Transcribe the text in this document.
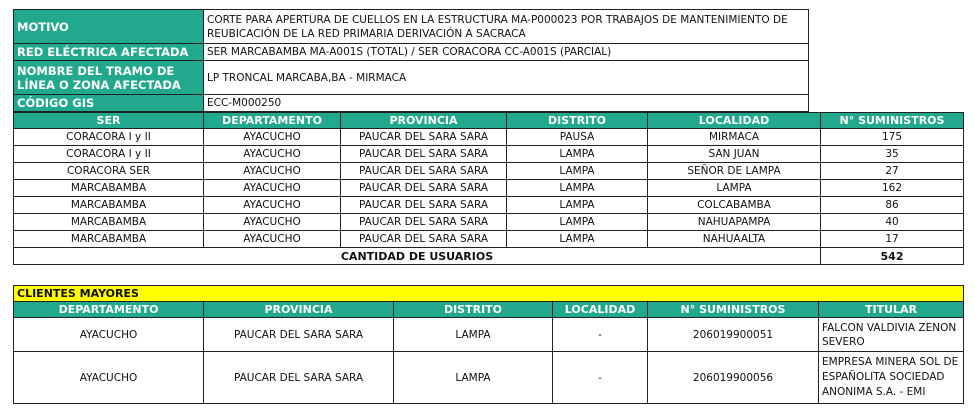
MOTIVO	CORTE PARA APERTURA DE CUELLOS EN LA ESTRUCTURA MA-P000023 POR TRABAJOS DE MANTENIMIENTO DE REUBICACIÓN DE LA RED PRIMARIA DERIVACIÓN A SACRACA
RED ELÉCTRICA AFECTADA	SER MARCABAMBA MA-A001S (TOTAL) / SER CORACORA CC-A001S (PARCIAL)
NOMBRE DEL TRAMO DE LÍNEA O ZONA AFECTADA	LP TRONCAL MARCABA,BA - MIRMACA
CÓDIGO GIS	ECC-M000250
SER	DEPARTAMENTO	PROVINCIA	DISTRITO	LOCALIDAD	N° SUMINISTROS
CORACORA I y II	AYACUCHO	PAUCAR DEL SARA SARA	PAUSA	MIRMACA	175
CORACORA I y II	AYACUCHO	PAUCAR DEL SARA SARA	LAMPA	SAN JUAN	35
CORACORA SER	AYACUCHO	PAUCAR DEL SARA SARA	LAMPA	SEÑOR DE LAMPA	27
MARCABAMBA	AYACUCHO	PAUCAR DEL SARA SARA	LAMPA	LAMPA	162
MARCABAMBA	AYACUCHO	PAUCAR DEL SARA SARA	LAMPA	COLCABAMBA	86
MARCABAMBA	AYACUCHO	PAUCAR DEL SARA SARA	LAMPA	NAHUAPAMPA	40
MARCABAMBA	AYACUCHO	PAUCAR DEL SARA SARA	LAMPA	NAHUAALTA	17
CANTIDAD DE USUARIOS					542
CLIENTES MAYORES					
DEPARTAMENTO	PROVINCIA	DISTRITO	LOCALIDAD	N° SUMINISTROS	TITULAR
AYACUCHO	PAUCAR DEL SARA SARA	LAMPA	-	206019900051	FALCON VALDIVIA ZENON SEVERO
AYACUCHO	PAUCAR DEL SARA SARA	LAMPA	-	206019900056	EMPRESA MINERA SOL DE ESPAÑOLITA SOCIEDAD ANONIMA S.A. - EMI
